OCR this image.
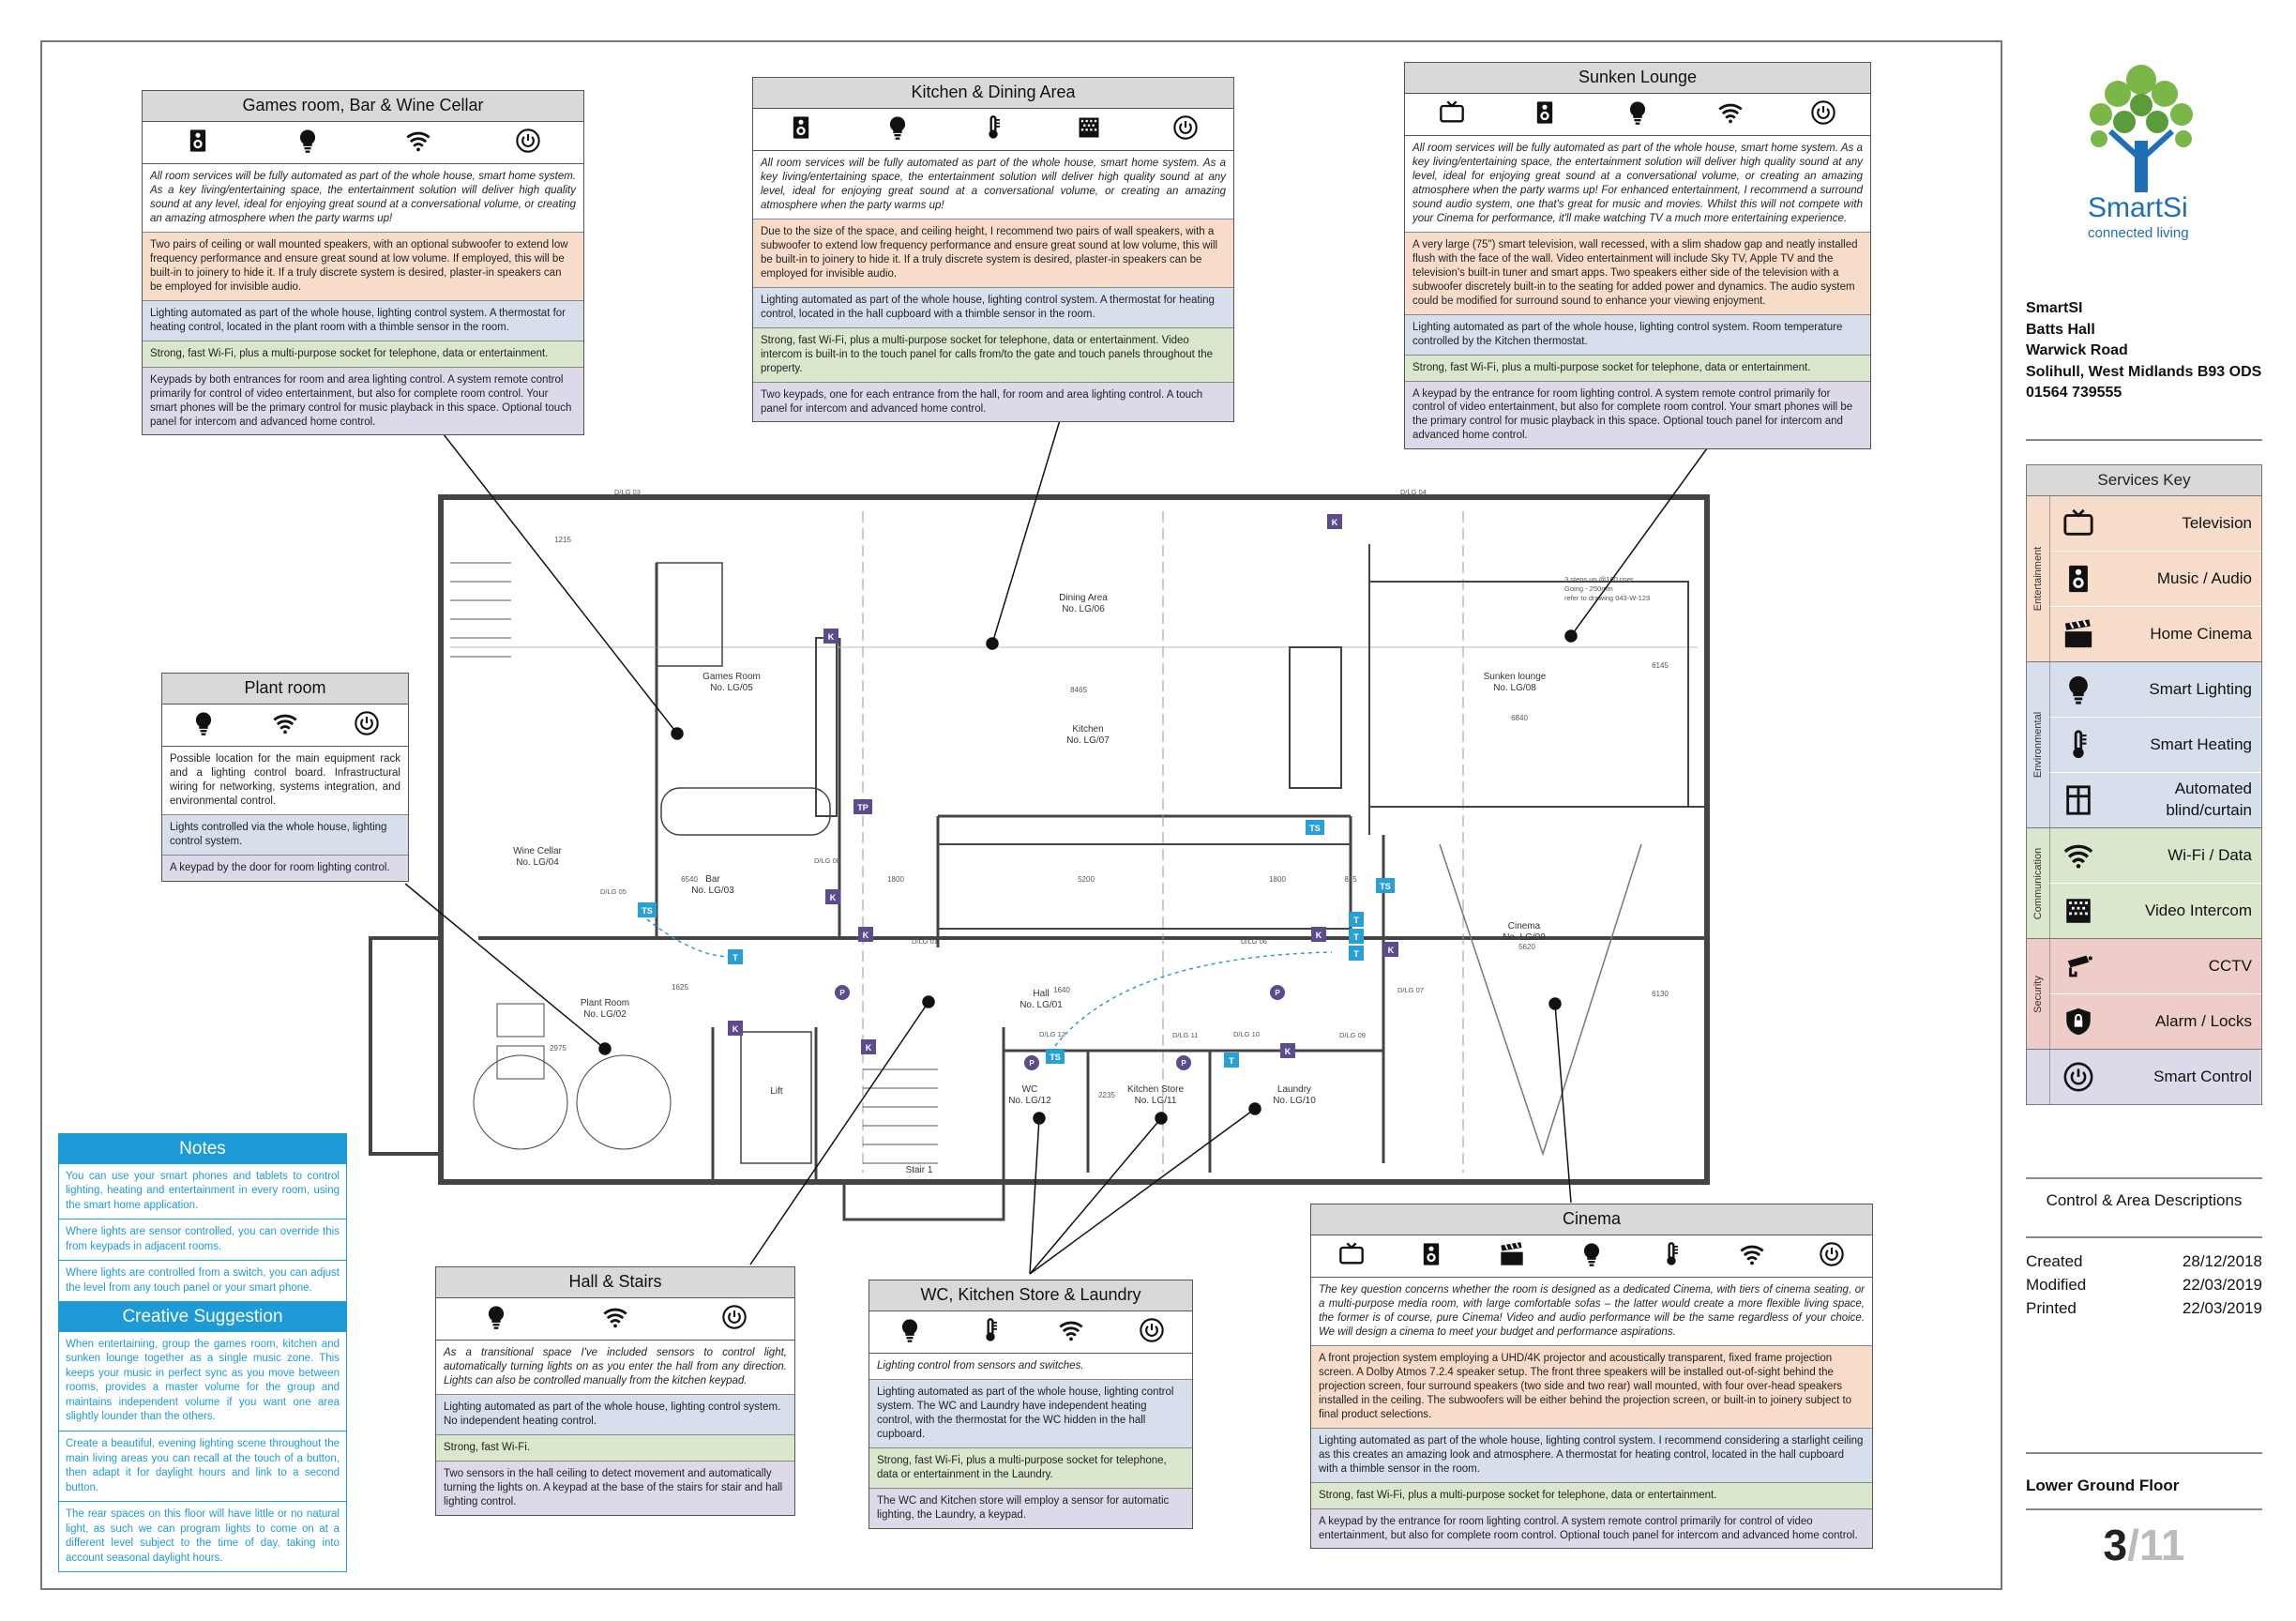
Games Room
No. LG/05
Dining Area
No. LG/06
Kitchen
No. LG/07
Sunken lounge
No. LG/08
Wine Cellar
No. LG/04
Bar
No. LG/03
Plant Room
No. LG/02
Hall
No. LG/01
Cinema
No. LG/09
WC
No. LG/12
Kitchen Store
No. LG/11
Laundry
No. LG/10
Lift
Stair 1
8465
6840
6540	1800	5200	1800	815
5620
6145
6130
2975
1625
2235
1640
1215
D/LG 03	D/LG 04
D/LG 05
D/LG 06
D/LG 07
D/LG 12	D/LG 10	D/LG 09
D/LG 11
D/LG 01
D/LG 08
3 steps up @180 riser
Going - 250mm
refer to drawing 043-W-123
K
K
K
K	K
K
K
K	K
T
T
T
T
T
TS
TS
TS
TS
TP
P	P
P	P
SmartSi
connected living
SmartSI
Batts Hall
Warwick Road
Solihull, West Midlands B93 ODS
01564 739555
Services Key
Entertainment
Television
Music / Audio
Home Cinema
Environmental
Smart Lighting
Smart Heating
Automated blind/curtain
Communication	Wi-Fi / Data
Video Intercom
Security
CCTV
Alarm / Locks
Smart Control
Control & Area Descriptions
Created	28/12/2018
Modified	22/03/2019
Printed	22/03/2019
Lower Ground Floor
3/11
Notes
You can use your smart phones and tablets to control lighting, heating and entertainment in every room, using the smart home application.
Where lights are sensor controlled, you can override this from keypads in adjacent rooms.
Where lights are controlled from a switch, you can adjust the level from any touch panel or your smart phone.
Creative Suggestion
When entertaining, group the games room, kitchen and sunken lounge together as a single music zone. This keeps your music in perfect sync as you move between rooms, provides a master volume for the group and maintains independent volume if you want one area slightly lounder than the others.
Create a beautiful, evening lighting scene throughout the main living areas you can recall at the touch of a button, then adapt it for daylight hours and link to a second button.
The rear spaces on this floor will have little or no natural light, as such we can program lights to come on at a different level subject to the time of day, taking into account seasonal daylight hours.
Games room, Bar & Wine Cellar
All room services will be fully automated as part of the whole house, smart home system. As a key living/entertaining space, the entertainment solution will deliver high quality sound at any level, ideal for enjoying great sound at a conversational volume, or creating an amazing atmosphere when the party warms up!
Two pairs of ceiling or wall mounted speakers, with an optional subwoofer to extend low frequency performance and ensure great sound at low volume. If employed, this will be built-in to joinery to hide it. If a truly discrete system is desired, plaster-in speakers can be employed for invisible audio.
Lighting automated as part of the whole house, lighting control system. A thermostat for heating control, located in the plant room with a thimble sensor in the room.
Strong, fast Wi-Fi, plus a multi-purpose socket for telephone, data or entertainment.
Keypads by both entrances for room and area lighting control. A system remote control primarily for control of video entertainment, but also for complete room control. Your smart phones will be the primary control for music playback in this space. Optional touch panel for intercom and advanced home control.
Kitchen & Dining Area
All room services will be fully automated as part of the whole house, smart home system. As a key living/entertaining space, the entertainment solution will deliver high quality sound at any level, ideal for enjoying great sound at a conversational volume, or creating an amazing atmosphere when the party warms up!
Due to the size of the space, and ceiling height, I recommend two pairs of wall speakers, with a subwoofer to extend low frequency performance and ensure great sound at low volume, this will be built-in to joinery to hide it. If a truly discrete system is desired, plaster-in speakers can be employed for invisible audio.
Lighting automated as part of the whole house, lighting control system. A thermostat for heating control, located in the hall cupboard with a thimble sensor in the room.
Strong, fast Wi-Fi, plus a multi-purpose socket for telephone, data or entertainment. Video intercom is built-in to the touch panel for calls from/to the gate and touch panels throughout the property.
Two keypads, one for each entrance from the hall, for room and area lighting control. A touch panel for intercom and advanced home control.
Sunken Lounge
All room services will be fully automated as part of the whole house, smart home system. As a key living/entertaining space, the entertainment solution will deliver high quality sound at any level, ideal for enjoying great sound at a conversational volume, or creating an amazing atmosphere when the party warms up! For enhanced entertainment, I recommend a surround sound audio system, one that's great for music and movies. Whilst this will not compete with your Cinema for performance, it'll make watching TV a much more entertaining experience.
A very large (75") smart television, wall recessed, with a slim shadow gap and neatly installed flush with the face of the wall. Video entertainment will include Sky TV, Apple TV and the television's built-in tuner and smart apps. Two speakers either side of the television with a subwoofer discretely built-in to the seating for added power and dynamics. The audio system could be modified for surround sound to enhance your viewing enjoyment.
Lighting automated as part of the whole house, lighting control system. Room temperature controlled by the Kitchen thermostat.
Strong, fast Wi-Fi, plus a multi-purpose socket for telephone, data or entertainment.
A keypad by the entrance for room lighting control. A system remote control primarily for control of video entertainment, but also for complete room control. Your smart phones will be the primary control for music playback in this space. Optional touch panel for intercom and advanced home control.
Plant room
Possible location for the main equipment rack and a lighting control board. Infrastructural wiring for networking, systems integration, and environmental control.
Lights controlled via the whole house, lighting control system.
A keypad by the door for room lighting control.
Hall & Stairs
As a transitional space I've included sensors to control light, automatically turning lights on as you enter the hall from any direction. Lights can also be controlled manually from the kitchen keypad.
Lighting automated as part of the whole house, lighting control system. No independent heating control.
Strong, fast Wi-Fi.
Two sensors in the hall ceiling to detect movement and automatically turning the lights on. A keypad at the base of the stairs for stair and hall lighting control.
WC, Kitchen Store & Laundry
Lighting control from sensors and switches.
Lighting automated as part of the whole house, lighting control system. The WC and Laundry have independent heating control, with the thermostat for the WC hidden in the hall cupboard.
Strong, fast Wi-Fi, plus a multi-purpose socket for telephone, data or entertainment in the Laundry.
The WC and Kitchen store will employ a sensor for automatic lighting, the Laundry, a keypad.
Cinema
The key question concerns whether the room is designed as a dedicated Cinema, with tiers of cinema seating, or a multi-purpose media room, with large comfortable sofas – the latter would create a more flexible living space, the former is of course, pure Cinema! Video and audio performance will be the same regardless of your choice. We will design a cinema to meet your budget and performance aspirations.
A front projection system employing a UHD/4K projector and acoustically transparent, fixed frame projection screen. A Dolby Atmos 7.2.4 speaker setup. The front three speakers will be installed out-of-sight behind the projection screen, four surround speakers (two side and two rear) wall mounted, with four over-head speakers installed in the ceiling. The subwoofers will be either behind the projection screen, or built-in to joinery subject to final product selections.
Lighting automated as part of the whole house, lighting control system. I recommend considering a starlight ceiling as this creates an amazing look and atmosphere. A thermostat for heating control, located in the hall cupboard with a thimble sensor in the room.
Strong, fast Wi-Fi, plus a multi-purpose socket for telephone, data or entertainment.
A keypad by the entrance for room lighting control. A system remote control primarily for control of video entertainment, but also for complete room control. Optional touch panel for intercom and advanced home control.
